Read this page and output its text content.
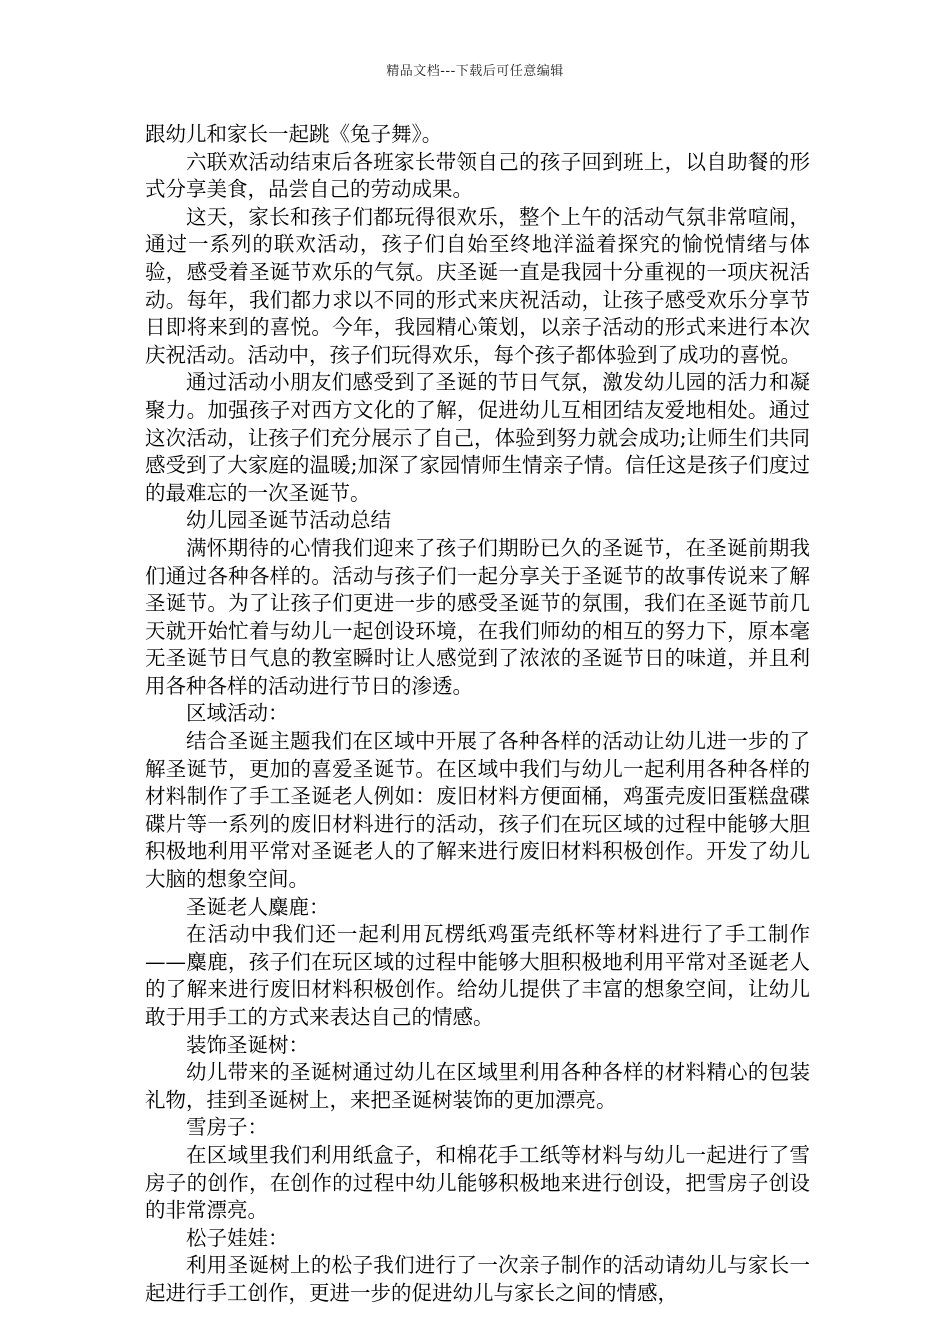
精品文档---下载后可任意编辑

跟幼儿和家长一起跳《兔子舞》。

六联欢活动结束后各班家长带领自己的孩子回到班上，以自助餐的形式分享美食，品尝自己的劳动成果。

这天，家长和孩子们都玩得很欢乐，整个上午的活动气氛非常喧闹，通过一系列的联欢活动，孩子们自始至终地洋溢着探究的愉悦情绪与体验，感受着圣诞节欢乐的气氛。庆圣诞一直是我园十分重视的一项庆祝活动。每年，我们都力求以不同的形式来庆祝活动，让孩子感受欢乐分享节日即将来到的喜悦。今年，我园精心策划，以亲子活动的形式来进行本次庆祝活动。活动中，孩子们玩得欢乐，每个孩子都体验到了成功的喜悦。

通过活动小朋友们感受到了圣诞的节日气氛，激发幼儿园的活力和凝聚力。加强孩子对西方文化的了解，促进幼儿互相团结友爱地相处。通过这次活动，让孩子们充分展示了自己，体验到努力就会成功;让师生们共同感受到了大家庭的温暖;加深了家园情师生情亲子情。信任这是孩子们度过的最难忘的一次圣诞节。

幼儿园圣诞节活动总结

满怀期待的心情我们迎来了孩子们期盼已久的圣诞节，在圣诞前期我们通过各种各样的。活动与孩子们一起分享关于圣诞节的故事传说来了解圣诞节。为了让孩子们更进一步的感受圣诞节的氛围，我们在圣诞节前几天就开始忙着与幼儿一起创设环境，在我们师幼的相互的努力下，原本毫无圣诞节日气息的教室瞬时让人感觉到了浓浓的圣诞节日的味道，并且利用各种各样的活动进行节日的渗透。

区域活动：

结合圣诞主题我们在区域中开展了各种各样的活动让幼儿进一步的了解圣诞节，更加的喜爱圣诞节。在区域中我们与幼儿一起利用各种各样的材料制作了手工圣诞老人例如：废旧材料方便面桶，鸡蛋壳废旧蛋糕盘碟碟片等一系列的废旧材料进行的活动，孩子们在玩区域的过程中能够大胆积极地利用平常对圣诞老人的了解来进行废旧材料积极创作。开发了幼儿大脑的想象空间。

圣诞老人麋鹿：

在活动中我们还一起利用瓦楞纸鸡蛋壳纸杯等材料进行了手工制作——麋鹿，孩子们在玩区域的过程中能够大胆积极地利用平常对圣诞老人的了解来进行废旧材料积极创作。给幼儿提供了丰富的想象空间，让幼儿敢于用手工的方式来表达自己的情感。

装饰圣诞树：

幼儿带来的圣诞树通过幼儿在区域里利用各种各样的材料精心的包装礼物，挂到圣诞树上，来把圣诞树装饰的更加漂亮。

雪房子：

在区域里我们利用纸盒子，和棉花手工纸等材料与幼儿一起进行了雪房子的创作，在创作的过程中幼儿能够积极地来进行创设，把雪房子创设的非常漂亮。

松子娃娃：

利用圣诞树上的松子我们进行了一次亲子制作的活动请幼儿与家长一起进行手工创作，更进一步的促进幼儿与家长之间的情感，
